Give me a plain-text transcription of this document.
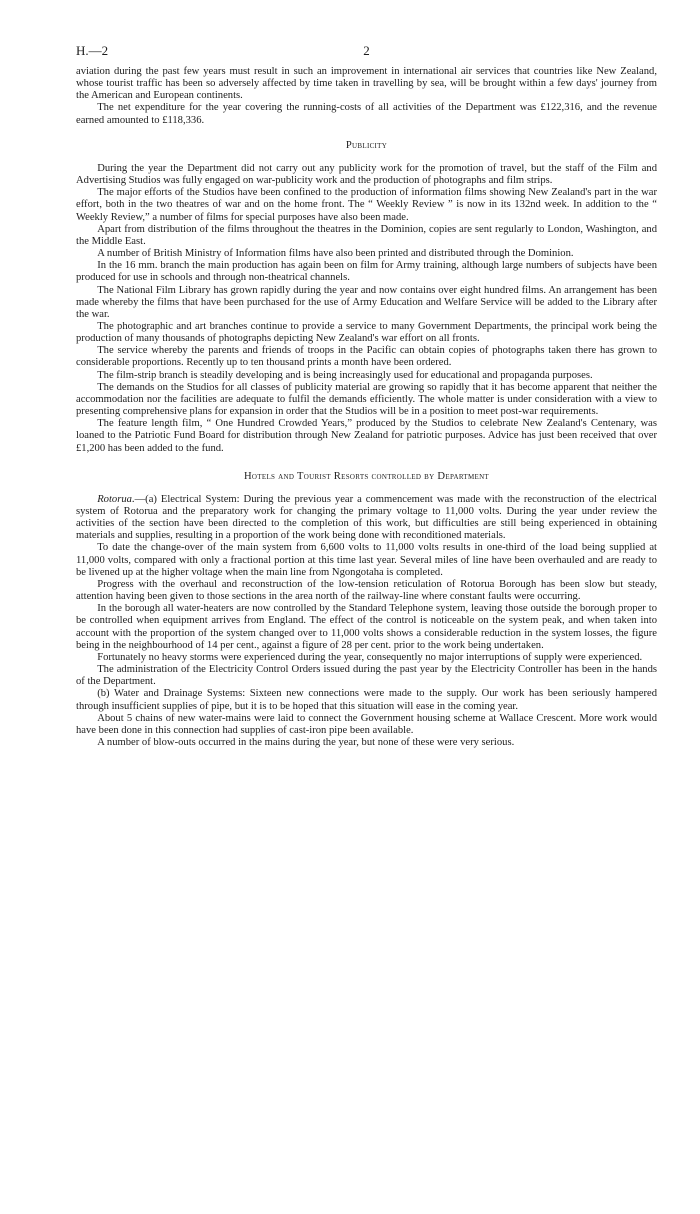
H.—2	2

aviation during the past few years must result in such an improvement in international air services that countries like New Zealand, whose tourist traffic has been so adversely affected by time taken in travelling by sea, will be brought within a few days' journey from the American and European continents.

The net expenditure for the year covering the running-costs of all activities of the Department was £122,316, and the revenue earned amounted to £118,336.

Publicity

During the year the Department did not carry out any publicity work for the promotion of travel, but the staff of the Film and Advertising Studios was fully engaged on war-publicity work and the production of photographs and film strips.

The major efforts of the Studios have been confined to the production of information films showing New Zealand's part in the war effort, both in the two theatres of war and on the home front. The “ Weekly Review ” is now in its 132nd week. In addition to the “ Weekly Review,” a number of films for special purposes have also been made.

Apart from distribution of the films throughout the theatres in the Dominion, copies are sent regularly to London, Washington, and the Middle East.

A number of British Ministry of Information films have also been printed and distributed through the Dominion.

In the 16 mm. branch the main production has again been on film for Army training, although large numbers of subjects have been produced for use in schools and through non-theatrical channels.

The National Film Library has grown rapidly during the year and now contains over eight hundred films. An arrangement has been made whereby the films that have been purchased for the use of Army Education and Welfare Service will be added to the Library after the war.

The photographic and art branches continue to provide a service to many Government Departments, the principal work being the production of many thousands of photographs depicting New Zealand's war effort on all fronts.

The service whereby the parents and friends of troops in the Pacific can obtain copies of photographs taken there has grown to considerable proportions. Recently up to ten thousand prints a month have been ordered.

The film-strip branch is steadily developing and is being increasingly used for educational and propaganda purposes.

The demands on the Studios for all classes of publicity material are growing so rapidly that it has become apparent that neither the accommodation nor the facilities are adequate to fulfil the demands efficiently. The whole matter is under consideration with a view to presenting comprehensive plans for expansion in order that the Studios will be in a position to meet post-war requirements.

The feature length film, “ One Hundred Crowded Years,” produced by the Studios to celebrate New Zealand's Centenary, was loaned to the Patriotic Fund Board for distribution through New Zealand for patriotic purposes. Advice has just been received that over £1,200 has been added to the fund.

Hotels and Tourist Resorts controlled by Department

Rotorua.—(a) Electrical System: During the previous year a commencement was made with the reconstruction of the electrical system of Rotorua and the preparatory work for changing the primary voltage to 11,000 volts. During the year under review the activities of the section have been directed to the completion of this work, but difficulties are still being experienced in obtaining materials and supplies, resulting in a proportion of the work being done with reconditioned materials.

To date the change-over of the main system from 6,600 volts to 11,000 volts results in one-third of the load being supplied at 11,000 volts, compared with only a fractional portion at this time last year. Several miles of line have been overhauled and are ready to be livened up at the higher voltage when the main line from Ngongotaha is completed.

Progress with the overhaul and reconstruction of the low-tension reticulation of Rotorua Borough has been slow but steady, attention having been given to those sections in the area north of the railway-line where constant faults were occurring.

In the borough all water-heaters are now controlled by the Standard Telephone system, leaving those outside the borough proper to be controlled when equipment arrives from England. The effect of the control is noticeable on the system peak, and when taken into account with the proportion of the system changed over to 11,000 volts shows a considerable reduction in the system losses, the figure being in the neighbourhood of 14 per cent., against a figure of 28 per cent. prior to the work being undertaken.

Fortunately no heavy storms were experienced during the year, consequently no major interruptions of supply were experienced.

The administration of the Electricity Control Orders issued during the past year by the Electricity Controller has been in the hands of the Department.

(b) Water and Drainage Systems: Sixteen new connections were made to the supply. Our work has been seriously hampered through insufficient supplies of pipe, but it is to be hoped that this situation will ease in the coming year.

About 5 chains of new water-mains were laid to connect the Government housing scheme at Wallace Crescent. More work would have been done in this connection had supplies of cast-iron pipe been available.

A number of blow-outs occurred in the mains during the year, but none of these were very serious.
